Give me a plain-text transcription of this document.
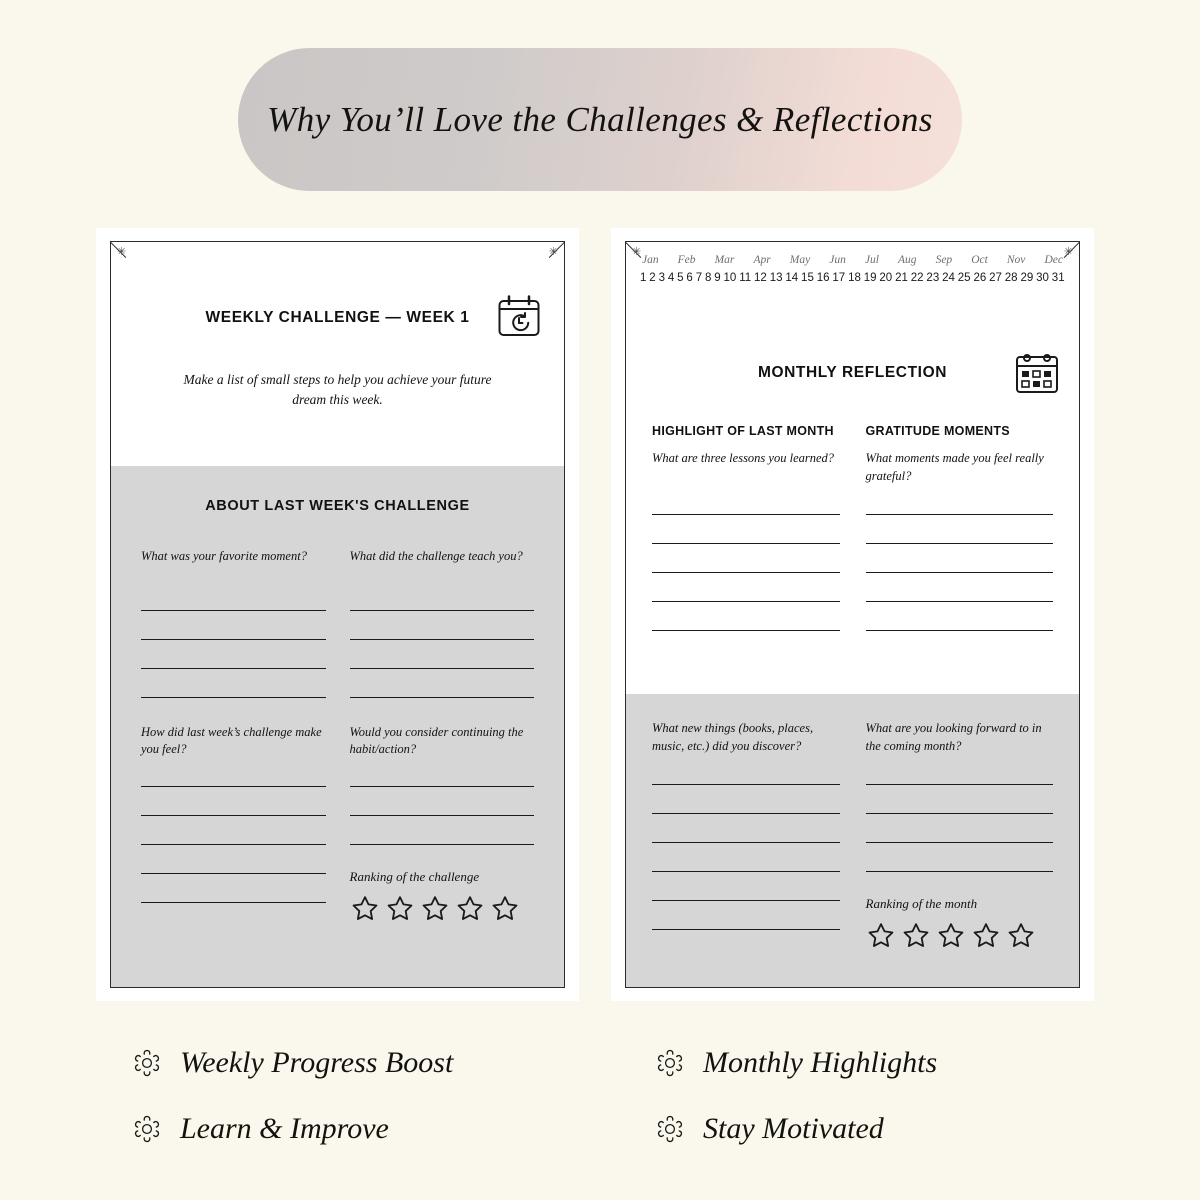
Why You’ll Love the Challenges & Reflections
✳	✳
WEEKLY CHALLENGE — WEEK 1
Make a list of small steps to help you achieve your future dream this week.
ABOUT LAST WEEK'S CHALLENGE
What was your favorite moment?	What did the challenge teach you?
How did last week’s challenge make you feel?
Would you consider continuing the habit/action?
Ranking of the challenge
✳	✳
Jan Feb Mar Apr May Jun Jul Aug Sep Oct Nov Dec
1 2 3 4 5 6 7 8 9 10 11 12 13 14 15 16 17 18 19 20 21 22 23 24 25 26 27 28 29 30 31
MONTHLY REFLECTION
HIGHLIGHT OF LAST MONTH
What are three lessons you learned?
GRATITUDE MOMENTS
What moments made you feel really grateful?
What new things (books, places, music, etc.) did you discover?
What are you looking forward to in the coming month?
Ranking of the month
Weekly Progress Boost
Learn & Improve
Monthly Highlights
Stay Motivated
